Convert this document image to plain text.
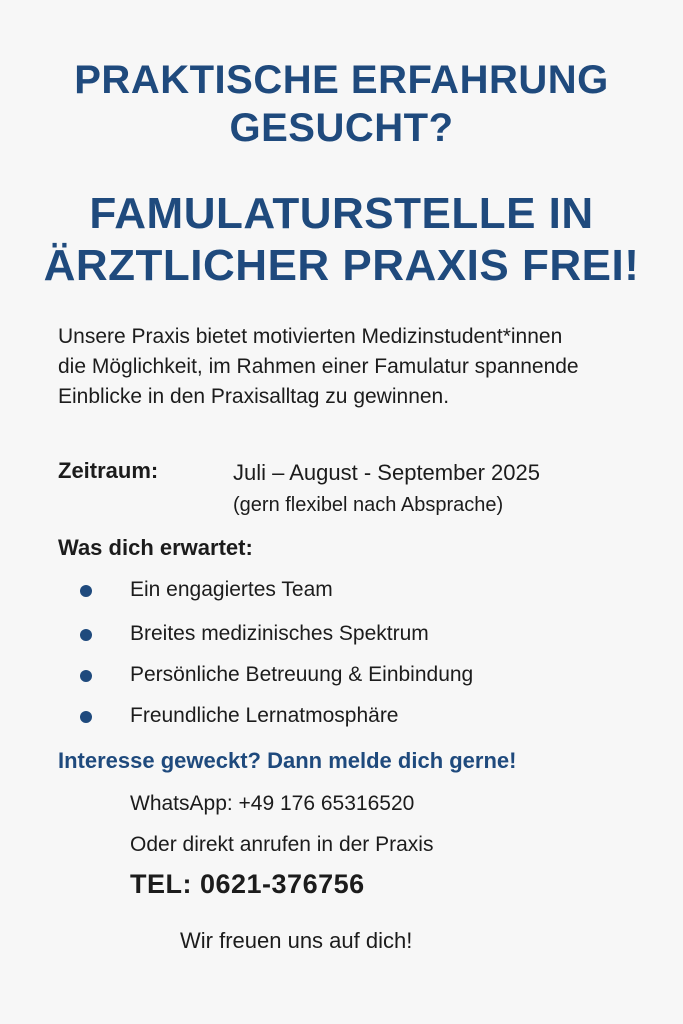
PRAKTISCHE ERFAHRUNG
GESUCHT?
FAMULATURSTELLE IN
ÄRZTLICHER PRAXIS FREI!

Unsere Praxis bietet motivierten Medizinstudent*innen
die Möglichkeit, im Rahmen einer Famulatur spannende
Einblicke in den Praxisalltag zu gewinnen.

Zeitraum:	Juli – August - September 2025
(gern flexibel nach Absprache)
Was dich erwartet:
Ein engagiertes Team
Breites medizinisches Spektrum
Persönliche Betreuung & Einbindung
Freundliche Lernatmosphäre
Interesse geweckt? Dann melde dich gerne!
WhatsApp: +49 176 65316520
Oder direkt anrufen in der Praxis
TEL: 0621-376756
Wir freuen uns auf dich!
